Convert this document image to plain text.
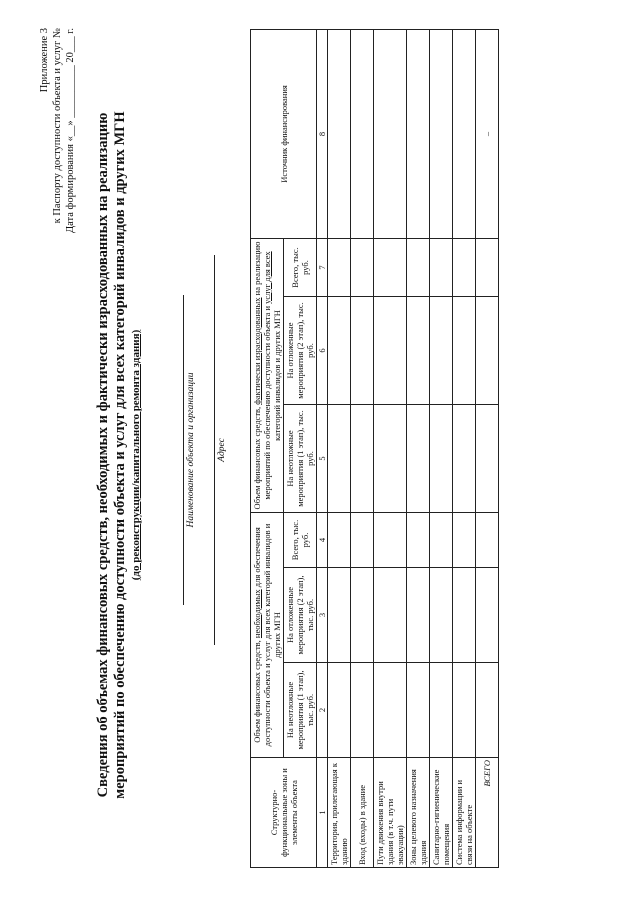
Приложение 3 к Паспорту доступности объекта и услуг № Дата формирования «__» __________ 20___ г. Сведения об объемах финансовых средств, необходимых и фактически израсходованных на реализацию мероприятий по обеспечению доступности объекта и услуг для всех категорий инвалидов и других МГН (до реконструкции/капитального ремонта здания)	Наименование объекта и организации Адрес
Структурно-функциональные зоны и элементы объекта	Объем финансовых средств, необходимых для обеспечения доступности объекта и услуг для всех категорий инвалидов и других МГН			Объем финансовых средств, фактически израсходованных на реализацию мероприятий по обеспечению доступности объекта и услуг для всех категорий инвалидов и других МГН			Источник финансирования
	На неотложные мероприятия (1 этап), тыс. руб.	На отложенные мероприятия (2 этап), тыс. руб.	Всего, тыс. руб.	На неотложные мероприятия (1 этап), тыс. руб.	На отложенные мероприятия (2 этап), тыс. руб.	Всего, тыс. руб.	
1	2	3	4	5	6	7	8
Территория, прилегающая к зданию							
Вход (входы) в здание							
Пути движения внутри здания (в т.ч. пути эвакуации)							
Зоны целевого назначения здания							
Санитарно-гигиенические помещения							
Система информации и связи на объекте							
ВСЕГО							–
